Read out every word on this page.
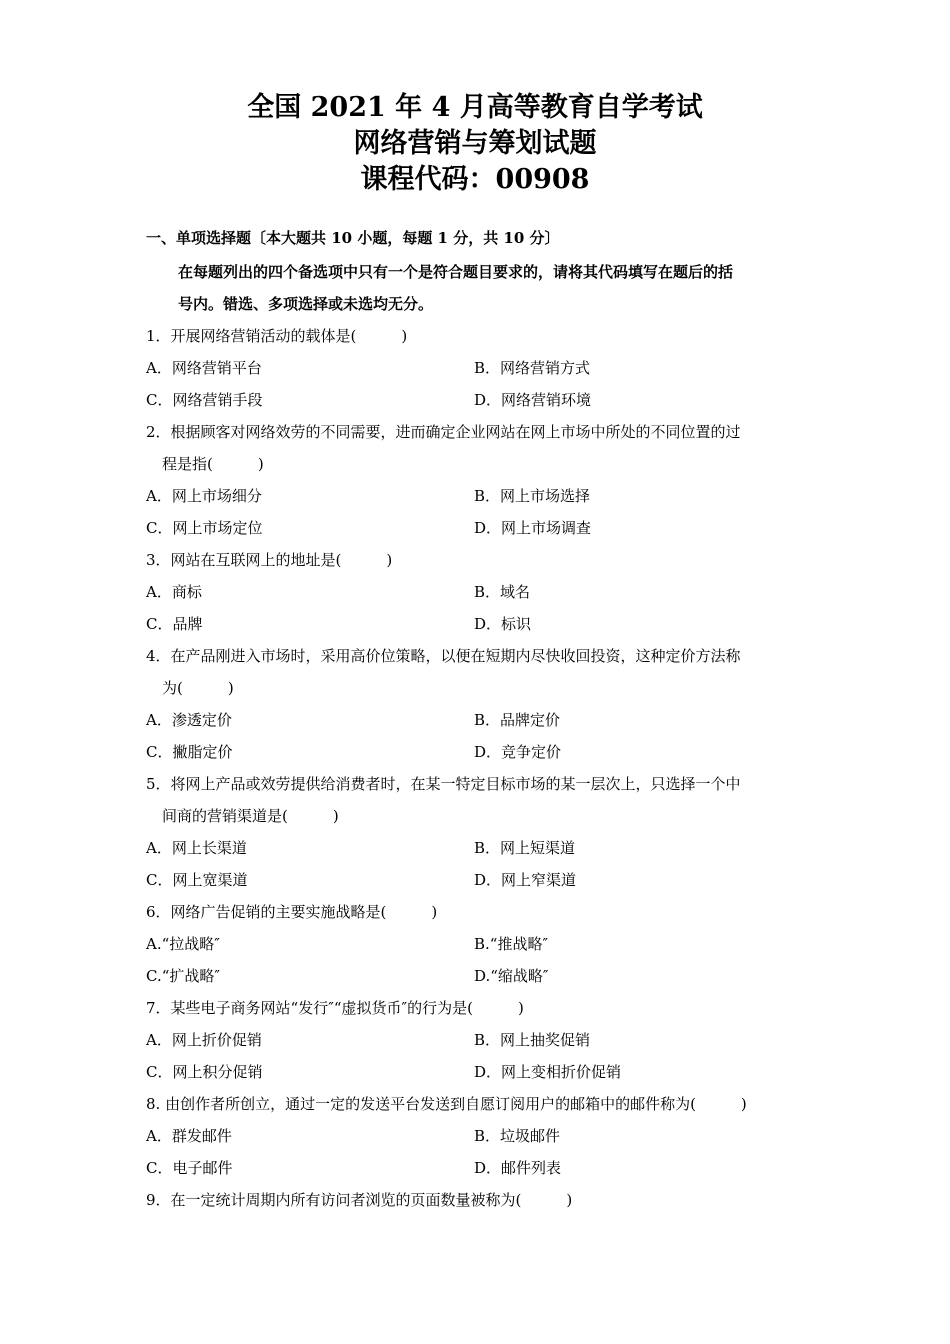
全国 2021 年 4 月高等教育自学考试
网络营销与筹划试题
课程代码：00908
一、单项选择题〔本大题共 10 小题，每题 1 分，共 10 分〕
在每题列出的四个备选项中只有一个是符合题目要求的，请将其代码填写在题后的括
号内。错选、多项选择或未选均无分。
1．开展网络营销活动的载体是(　　　)
A．网络营销平台	B．网络营销方式
C．网络营销手段	D．网络营销环境
2．根据顾客对网络效劳的不同需要，进而确定企业网站在网上市场中所处的不同位置的过
程是指(　　　)
A．网上市场细分	B．网上市场选择
C．网上市场定位	D．网上市场调查
3．网站在互联网上的地址是(　　　)
A．商标	B．域名
C．品牌	D．标识
4．在产品刚进入市场时，采用高价位策略，以便在短期内尽快收回投资，这种定价方法称
为(　　　)
A．渗透定价	B．品牌定价
C．撇脂定价	D．竞争定价
5．将网上产品或效劳提供给消费者时，在某一特定目标市场的某一层次上，只选择一个中
间商的营销渠道是(　　　)
A．网上长渠道	B．网上短渠道
C．网上宽渠道	D．网上窄渠道
6．网络广告促销的主要实施战略是(　　　)
A.“拉战略″	B.“推战略″
C.“扩战略″	D.“缩战略″
7．某些电子商务网站“发行″“虚拟货币″的行为是(　　　)
A．网上折价促销	B．网上抽奖促销
C．网上积分促销	D．网上变相折价促销
8. 由创作者所创立，通过一定的发送平台发送到自愿订阅用户的邮箱中的邮件称为(　　　)
A．群发邮件	B．垃圾邮件
C．电子邮件	D．邮件列表
9．在一定统计周期内所有访问者浏览的页面数量被称为(　　　)
